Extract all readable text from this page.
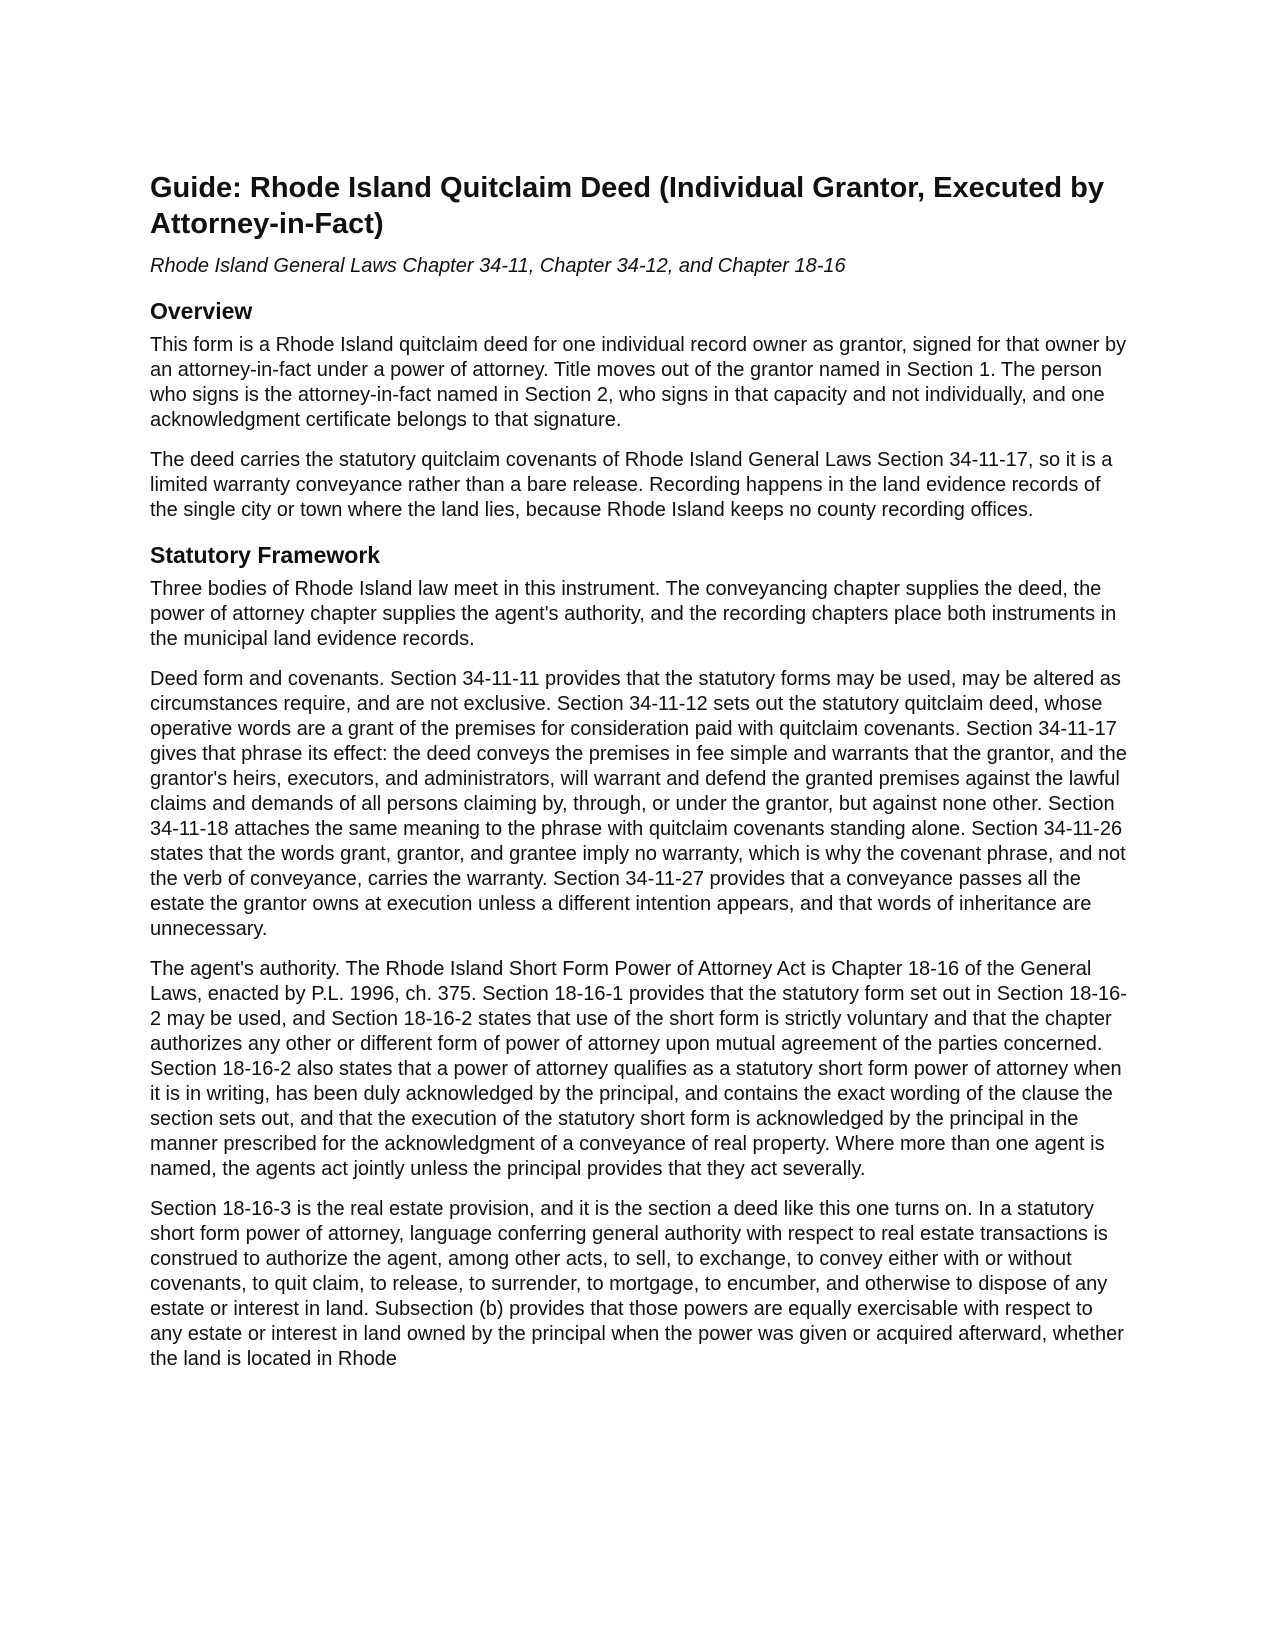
Guide: Rhode Island Quitclaim Deed (Individual Grantor, Executed by Attorney-in-Fact)

Rhode Island General Laws Chapter 34-11, Chapter 34-12, and Chapter 18-16

Overview

This form is a Rhode Island quitclaim deed for one individual record owner as grantor, signed for that owner by an attorney-in-fact under a power of attorney. Title moves out of the grantor named in Section 1. The person who signs is the attorney-in-fact named in Section 2, who signs in that capacity and not individually, and one acknowledgment certificate belongs to that signature.

The deed carries the statutory quitclaim covenants of Rhode Island General Laws Section 34-11-17, so it is a limited warranty conveyance rather than a bare release. Recording happens in the land evidence records of the single city or town where the land lies, because Rhode Island keeps no county recording offices.

Statutory Framework

Three bodies of Rhode Island law meet in this instrument. The conveyancing chapter supplies the deed, the power of attorney chapter supplies the agent's authority, and the recording chapters place both instruments in the municipal land evidence records.

Deed form and covenants. Section 34-11-11 provides that the statutory forms may be used, may be altered as circumstances require, and are not exclusive. Section 34-11-12 sets out the statutory quitclaim deed, whose operative words are a grant of the premises for consideration paid with quitclaim covenants. Section 34-11-17 gives that phrase its effect: the deed conveys the premises in fee simple and warrants that the grantor, and the grantor's heirs, executors, and administrators, will warrant and defend the granted premises against the lawful claims and demands of all persons claiming by, through, or under the grantor, but against none other. Section 34-11-18 attaches the same meaning to the phrase with quitclaim covenants standing alone. Section 34-11-26 states that the words grant, grantor, and grantee imply no warranty, which is why the covenant phrase, and not the verb of conveyance, carries the warranty. Section 34-11-27 provides that a conveyance passes all the estate the grantor owns at execution unless a different intention appears, and that words of inheritance are unnecessary.

The agent's authority. The Rhode Island Short Form Power of Attorney Act is Chapter 18-16 of the General Laws, enacted by P.L. 1996, ch. 375. Section 18-16-1 provides that the statutory form set out in Section 18-16-2 may be used, and Section 18-16-2 states that use of the short form is strictly voluntary and that the chapter authorizes any other or different form of power of attorney upon mutual agreement of the parties concerned. Section 18-16-2 also states that a power of attorney qualifies as a statutory short form power of attorney when it is in writing, has been duly acknowledged by the principal, and contains the exact wording of the clause the section sets out, and that the execution of the statutory short form is acknowledged by the principal in the manner prescribed for the acknowledgment of a conveyance of real property. Where more than one agent is named, the agents act jointly unless the principal provides that they act severally.

Section 18-16-3 is the real estate provision, and it is the section a deed like this one turns on. In a statutory short form power of attorney, language conferring general authority with respect to real estate transactions is construed to authorize the agent, among other acts, to sell, to exchange, to convey either with or without covenants, to quit claim, to release, to surrender, to mortgage, to encumber, and otherwise to dispose of any estate or interest in land. Subsection (b) provides that those powers are equally exercisable with respect to any estate or interest in land owned by the principal when the power was given or acquired afterward, whether the land is located in Rhode
